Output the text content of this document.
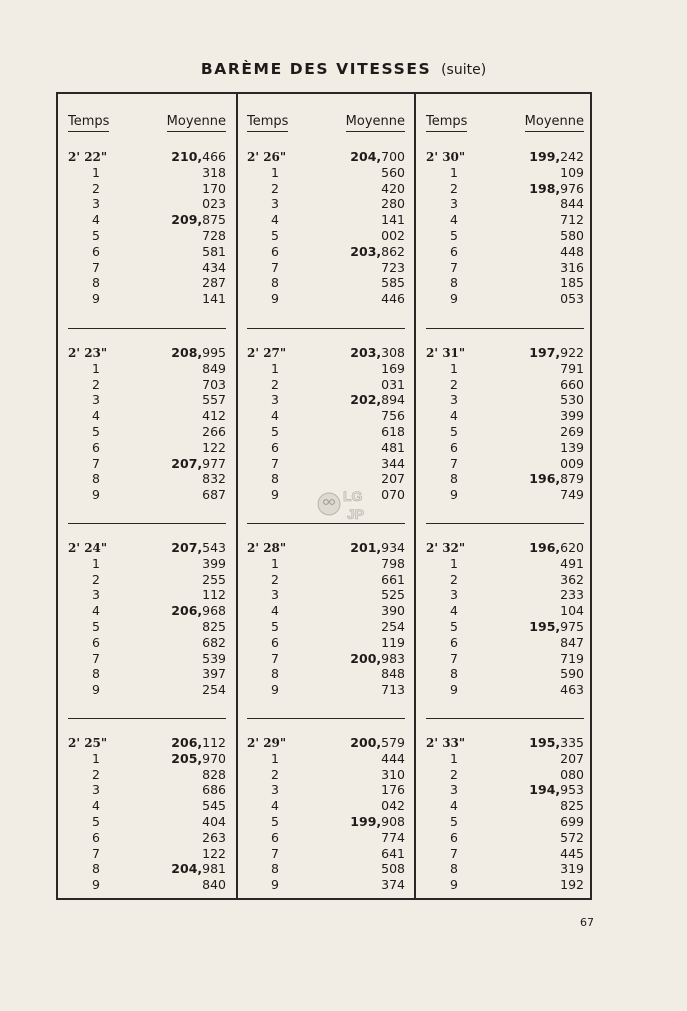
BARÈME DES VITESSES (suite)
Temps	Moyenne
2' 22"	210,466
1	318
2	170
3	023
4	209,875
5	728
6	581
7	434
8	287
9	141
2' 23"	208,995
1	849
2	703
3	557
4	412
5	266
6	122
7	207,977
8	832
9	687
2' 24"	207,543
1	399
2	255
3	112
4	206,968
5	825
6	682
7	539
8	397
9	254
2' 25"	206,112
1	205,970
2	828
3	686
4	545
5	404
6	263
7	122
8	204,981
9	840
Temps	Moyenne
2' 26"	204,700
1	560
2	420
3	280
4	141
5	002
6	203,862
7	723
8	585
9	446
2' 27"	203,308
1	169
2	031
3	202,894
4	756
5	618
6	481
7	344
8	207
9	070
2' 28"	201,934
1	798
2	661
3	525
4	390
5	254
6	119
7	200,983
8	848
9	713
2' 29"	200,579
1	444
2	310
3	176
4	042
5	199,908
6	774
7	641
8	508
9	374
Temps	Moyenne
2' 30"	199,242
1	109
2	198,976
3	844
4	712
5	580
6	448
7	316
8	185
9	053
2' 31"	197,922
1	791
2	660
3	530
4	399
5	269
6	139
7	009
8	196,879
9	749
2' 32"	196,620
1	491
2	362
3	233
4	104
5	195,975
6	847
7	719
8	590
9	463
2' 33"	195,335
1	207
2	080
3	194,953
4	825
5	699
6	572
7	445
8	319
9	192
LG
JP
67
